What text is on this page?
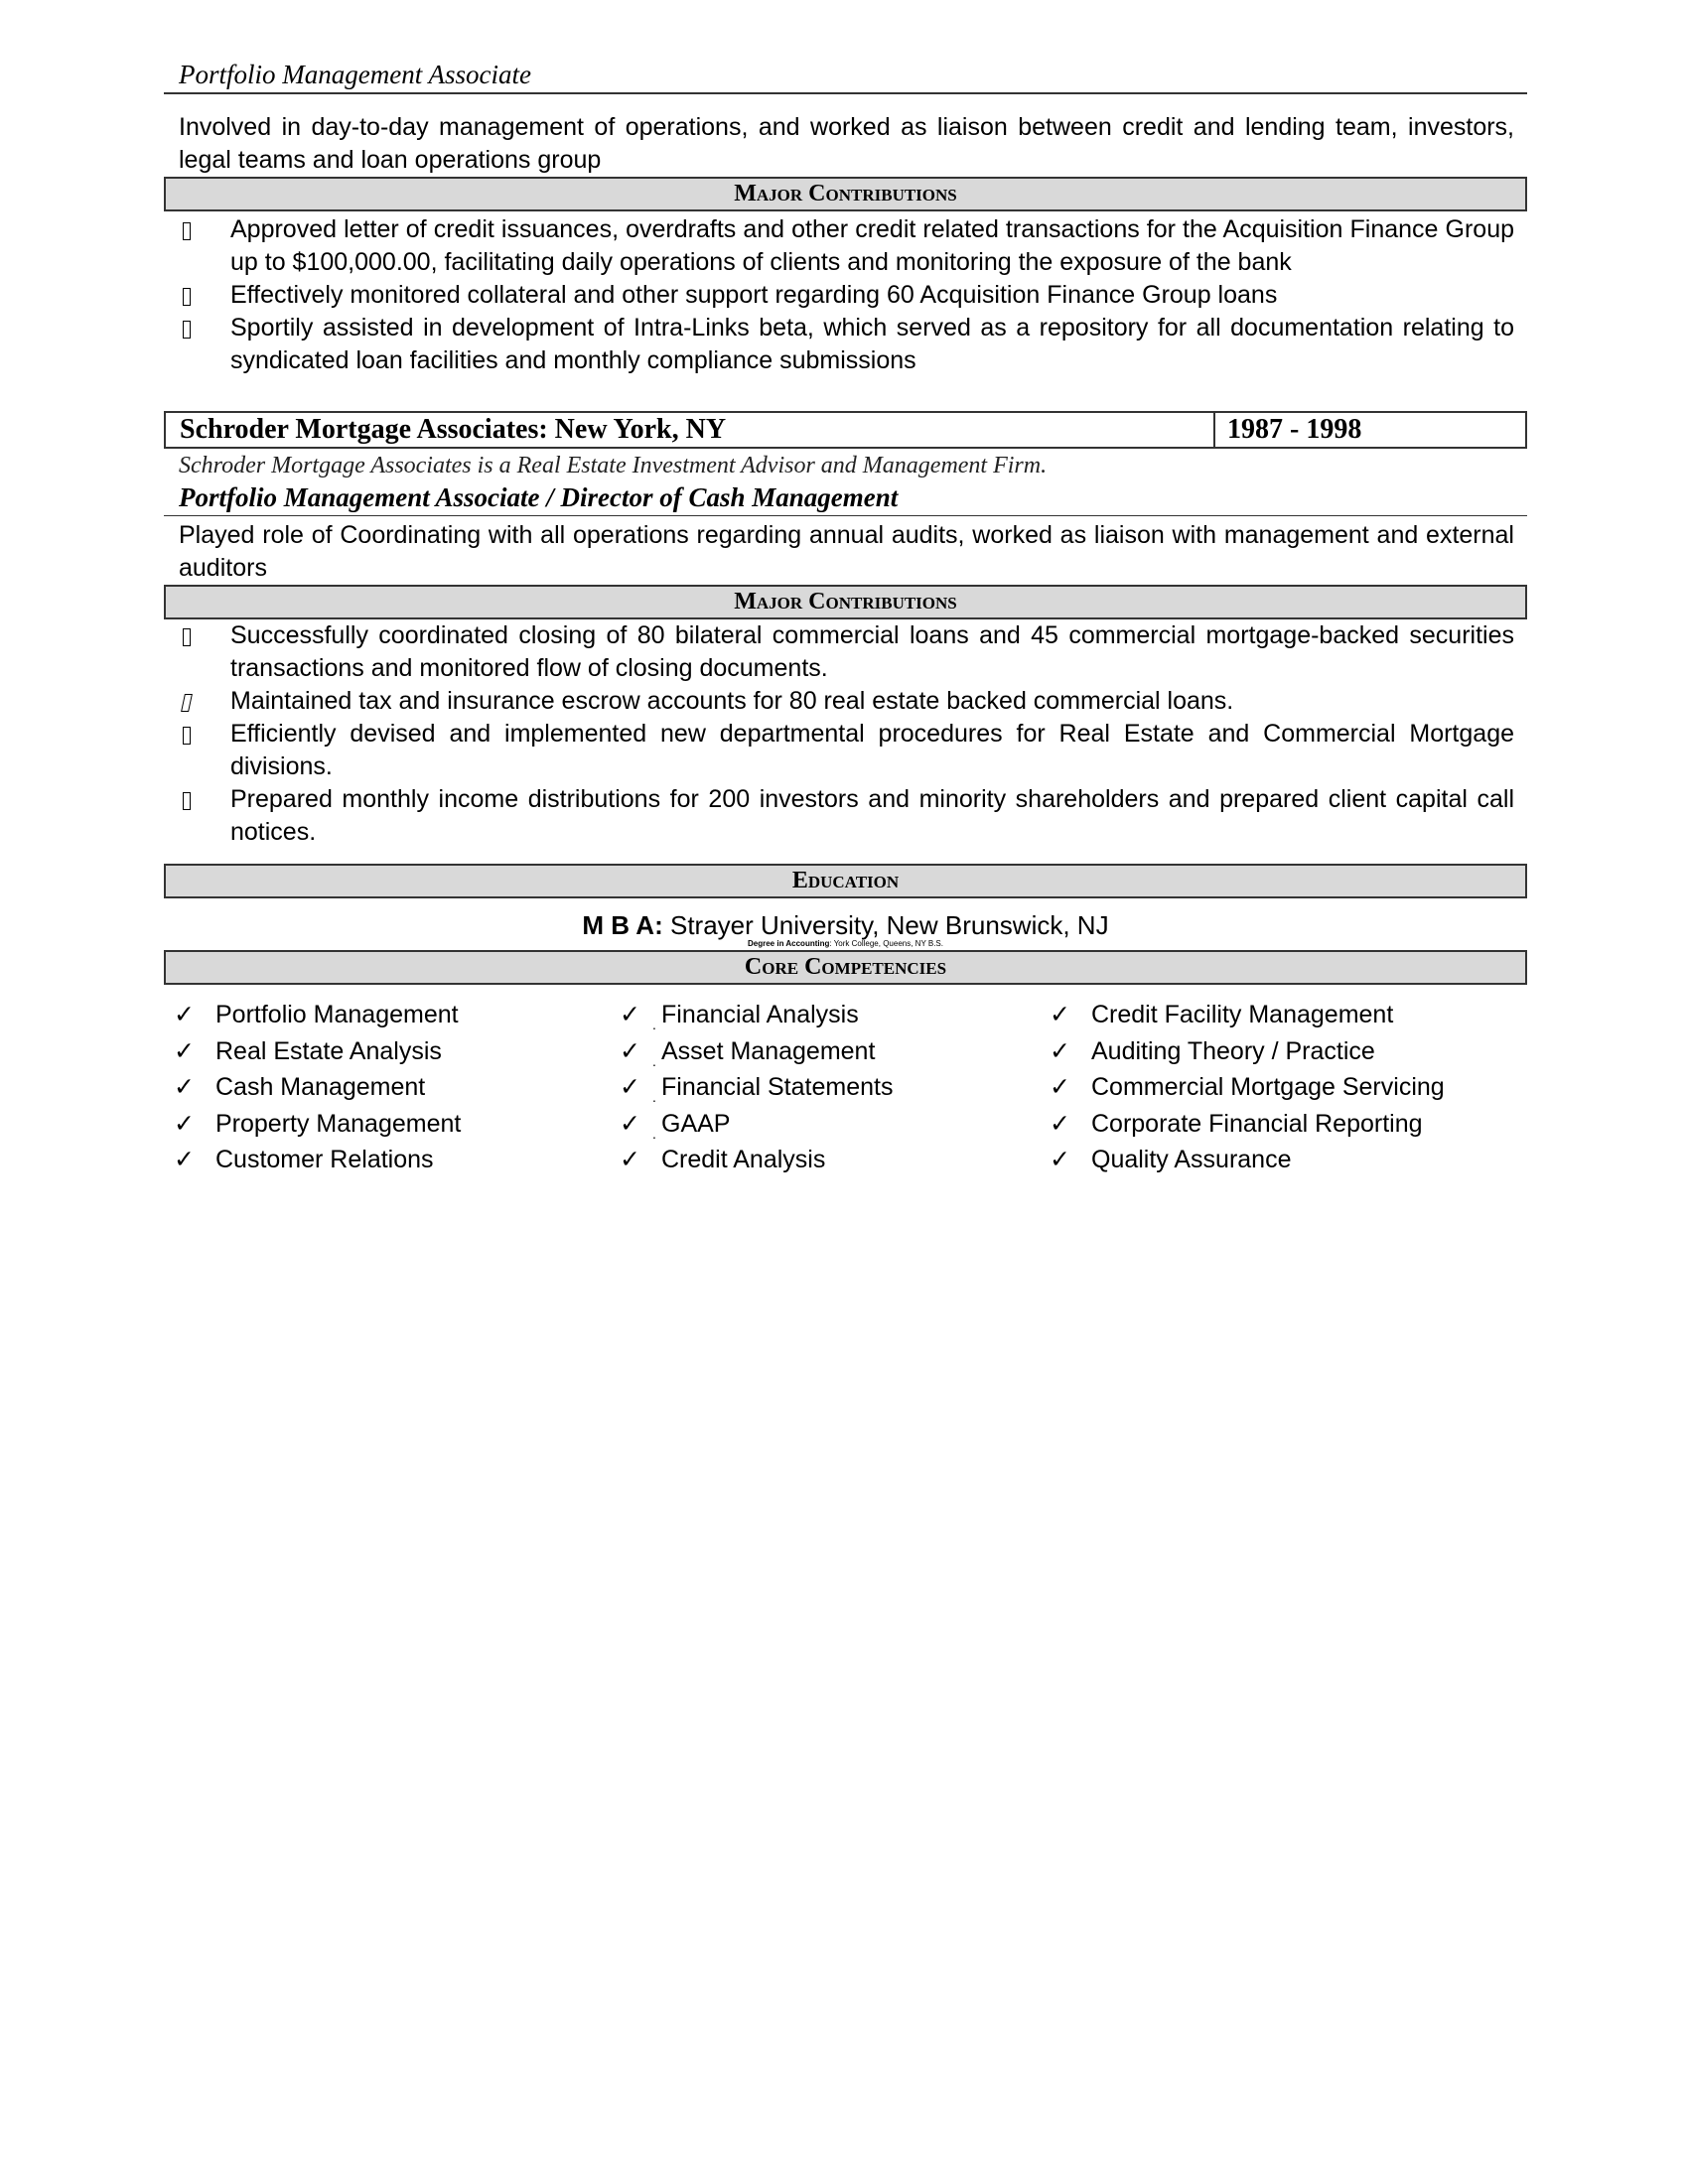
Portfolio Management Associate
Involved in day-to-day management of operations, and worked as liaison between credit and lending team, investors, legal teams and loan operations group
Major Contributions
Approved letter of credit issuances, overdrafts and other credit related transactions for the Acquisition Finance Group up to $100,000.00, facilitating daily operations of clients and monitoring the exposure of the bank
Effectively monitored collateral and other support regarding 60 Acquisition Finance Group loans
Sportily assisted in development of Intra-Links beta, which served as a repository for all documentation relating to syndicated loan facilities and monthly compliance submissions
Schroder Mortgage Associates: New York, NY	1987 - 1998
Schroder Mortgage Associates is a Real Estate Investment Advisor and Management Firm.
Portfolio Management Associate / Director of Cash Management
Played role of Coordinating with all operations regarding annual audits, worked as liaison with management and external auditors
Major Contributions
Successfully coordinated closing of 80 bilateral commercial loans and 45 commercial mortgage-backed securities transactions and monitored flow of closing documents.
Maintained tax and insurance escrow accounts for 80 real estate backed commercial loans.
Efficiently devised and implemented new departmental procedures for Real Estate and Commercial Mortgage divisions.
Prepared monthly income distributions for 200 investors and minority shareholders and prepared client capital call notices.
Education
M B A: Strayer University, New Brunswick, NJ
Degree in Accounting: York College, Queens, NY B.S.
Core Competencies
✓ Portfolio Management
✓ Real Estate Analysis
✓ Cash Management
✓ Property Management
✓ Customer Relations
✓ . Financial Analysis
✓ . Asset Management
✓ . Financial Statements
✓ . GAAP
✓ Credit Analysis
✓ Credit Facility Management
✓ Auditing Theory / Practice
✓ Commercial Mortgage Servicing
✓ Corporate Financial Reporting
✓ Quality Assurance
